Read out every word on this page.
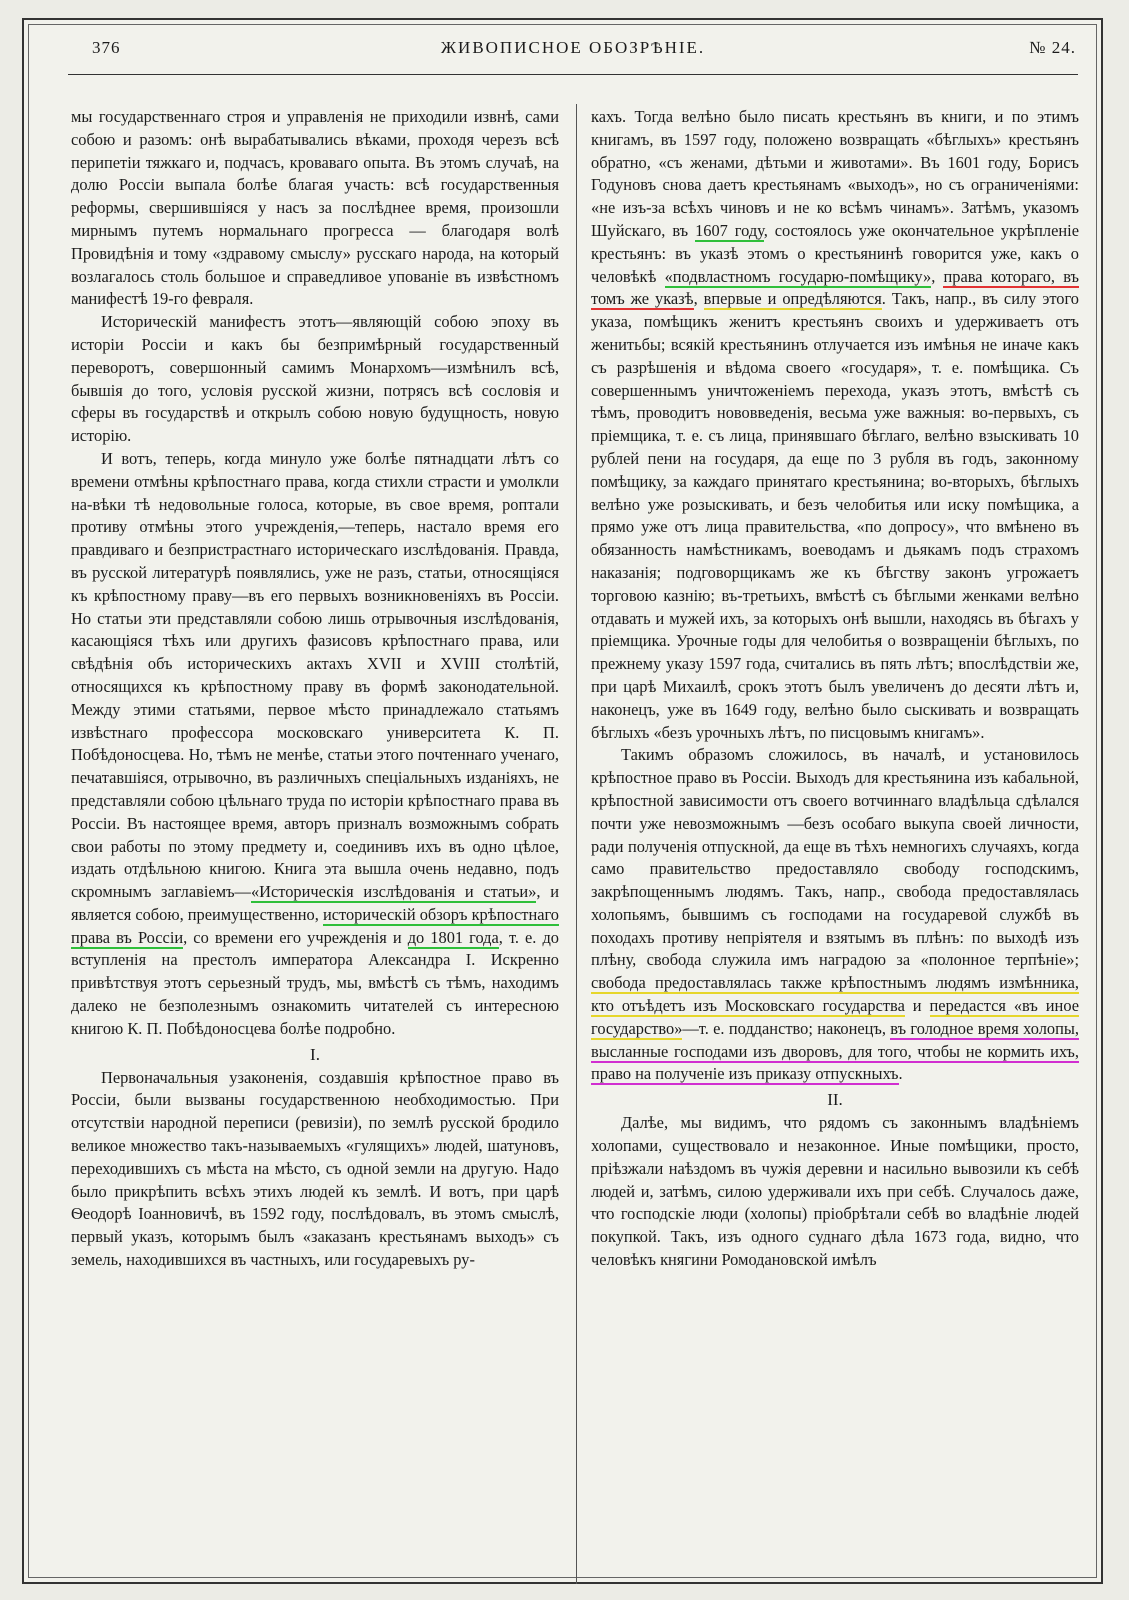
376	ЖИВОПИСНОЕ ОБОЗРѢНІЕ.	№ 24.

мы государственнаго строя и управленія не приходили извнѣ, сами собою и разомъ: онѣ вырабатывались вѣками, проходя черезъ всѣ перипетіи тяжкаго и, подчасъ, кроваваго опыта. Въ этомъ случаѣ, на долю Россіи выпала болѣе благая участь: всѣ государственныя реформы, свершившіяся у насъ за послѣднее время, произошли мирнымъ путемъ нормальнаго прогресса — благодаря волѣ Провидѣнія и тому «здравому смыслу» русскаго народа, на который возлагалось столь большое и справедливое упованіе въ извѣстномъ манифестѣ 19-го февраля.

Историческій манифестъ этотъ—являющій собою эпоху въ исторіи Россіи и какъ бы безпримѣрный государственный переворотъ, совершонный самимъ Монархомъ—измѣнилъ всѣ, бывшія до того, условія русской жизни, потрясъ всѣ сословія и сферы въ государствѣ и открылъ собою новую будущность, новую исторію.

И вотъ, теперь, когда минуло уже болѣе пятнадцати лѣтъ со времени отмѣны крѣпостнаго права, когда стихли страсти и умолкли на-вѣки тѣ недовольные голоса, которые, въ свое время, роптали противу отмѣны этого учрежденія,—теперь, настало время его правдиваго и безпристрастнаго историческаго изслѣдованія. Правда, въ русской литературѣ появлялись, уже не разъ, статьи, относящіяся къ крѣпостному праву—въ его первыхъ возникновеніяхъ въ Россіи. Но статьи эти представляли собою лишь отрывочныя изслѣдованія, касающіяся тѣхъ или другихъ фазисовъ крѣпостнаго права, или свѣдѣнія объ историческихъ актахъ XVII и XVIII столѣтій, относящихся къ крѣпостному праву въ формѣ законодательной. Между этими статьями, первое мѣсто принадлежало статьямъ извѣстнаго профессора московскаго университета К. П. Побѣдоносцева. Но, тѣмъ не менѣе, статьи этого почтеннаго ученаго, печатавшіяся, отрывочно, въ различныхъ спеціальныхъ изданіяхъ, не представляли собою цѣльнаго труда по исторіи крѣпостнаго права въ Россіи. Въ настоящее время, авторъ призналъ возможнымъ собрать свои работы по этому предмету и, соединивъ ихъ въ одно цѣлое, издать отдѣльною книгою. Книга эта вышла очень недавно, подъ скромнымъ заглавіемъ—«Историческія изслѣдованія и статьи», и является собою, преимущественно, историческій обзоръ крѣпостнаго права въ Россіи, со времени его учрежденія и до 1801 года, т. е. до вступленія на престолъ императора Александра I. Искренно привѣтствуя этотъ серьезный трудъ, мы, вмѣстѣ съ тѣмъ, находимъ далеко не безполезнымъ ознакомить читателей съ интересною книгою К. П. Побѣдоносцева болѣе подробно.

I.

Первоначальныя узаконенія, создавшія крѣпостное право въ Россіи, были вызваны государственною необходимостью. При отсутствіи народной переписи (ревизіи), по землѣ русской бродило великое множество такъ-называемыхъ «гулящихъ» людей, шатуновъ, переходившихъ съ мѣста на мѣсто, съ одной земли на другую. Надо было прикрѣпить всѣхъ этихъ людей къ землѣ. И вотъ, при царѣ Ѳеодорѣ Іоанновичѣ, въ 1592 году, послѣдовалъ, въ этомъ смыслѣ, первый указъ, которымъ былъ «заказанъ крестьянамъ выходъ» съ земель, находившихся въ частныхъ, или государевыхъ ру-

кахъ. Тогда велѣно было писать крестьянъ въ книги, и по этимъ книгамъ, въ 1597 году, положено возвращать «бѣглыхъ» крестьянъ обратно, «съ женами, дѣтьми и животами». Въ 1601 году, Борисъ Годуновъ снова даетъ крестьянамъ «выходъ», но съ ограниченіями: «не изъ-за всѣхъ чиновъ и не ко всѣмъ чинамъ». Затѣмъ, указомъ Шуйскаго, въ 1607 году, состоялось уже окончательное укрѣпленіе крестьянъ: въ указѣ этомъ о крестьянинѣ говорится уже, какъ о человѣкѣ «подвластномъ государю-помѣщику», права котораго, въ томъ же указѣ, впервые и опредѣляются. Такъ, напр., въ силу этого указа, помѣщикъ женитъ крестьянъ своихъ и удерживаетъ отъ женитьбы; всякій крестьянинъ отлучается изъ имѣнья не иначе какъ съ разрѣшенія и вѣдома своего «государя», т. е. помѣщика. Съ совершеннымъ уничтоженіемъ перехода, указъ этотъ, вмѣстѣ съ тѣмъ, проводитъ нововведенія, весьма уже важныя: во-первыхъ, съ пріемщика, т. е. съ лица, принявшаго бѣглаго, велѣно взыскивать 10 рублей пени на государя, да еще по 3 рубля въ годъ, законному помѣщику, за каждаго принятаго крестьянина; во-вторыхъ, бѣглыхъ велѣно уже розыскивать, и безъ челобитья или иску помѣщика, а прямо уже отъ лица правительства, «по допросу», что вмѣнено въ обязанность намѣстникамъ, воеводамъ и дьякамъ подъ страхомъ наказанія; подговорщикамъ же къ бѣгству законъ угрожаетъ торговою казнію; въ-третьихъ, вмѣстѣ съ бѣглыми женками велѣно отдавать и мужей ихъ, за которыхъ онѣ вышли, находясь въ бѣгахъ у пріемщика. Урочные годы для челобитья о возвращеніи бѣглыхъ, по прежнему указу 1597 года, считались въ пять лѣтъ; впослѣдствіи же, при царѣ Михаилѣ, срокъ этотъ былъ увеличенъ до десяти лѣтъ и, наконецъ, уже въ 1649 году, велѣно было сыскивать и возвращать бѣглыхъ «безъ урочныхъ лѣтъ, по писцовымъ книгамъ».

Такимъ образомъ сложилось, въ началѣ, и установилось крѣпостное право въ Россіи. Выходъ для крестьянина изъ кабальной, крѣпостной зависимости отъ своего вотчиннаго владѣльца сдѣлался почти уже невозможнымъ —безъ особаго выкупа своей личности, ради полученія отпускной, да еще въ тѣхъ немногихъ случаяхъ, когда само правительство предоставляло свободу господскимъ, закрѣпощеннымъ людямъ. Такъ, напр., свобода предоставлялась холопьямъ, бывшимъ съ господами на государевой службѣ въ походахъ противу непріятеля и взятымъ въ плѣнъ: по выходѣ изъ плѣну, свобода служила имъ наградою за «полонное терпѣніе»; свобода предоставлялась также крѣпостнымъ людямъ измѣнника, кто отъѣдетъ изъ Московскаго государства и передастся «въ иное государство»—т. е. подданство; наконецъ, въ голодное время холопы, высланные господами изъ дворовъ, для того, чтобы не кормить ихъ, право на полученіе изъ приказу отпускныхъ.

II.

Далѣе, мы видимъ, что рядомъ съ законнымъ владѣніемъ холопами, существовало и незаконное. Иные помѣщики, просто, пріѣзжали наѣздомъ въ чужія деревни и насильно вывозили къ себѣ людей и, затѣмъ, силою удерживали ихъ при себѣ. Случалось даже, что господскіе люди (холопы) пріобрѣтали себѣ во владѣніе людей покупкой. Такъ, изъ одного суднаго дѣла 1673 года, видно, что человѣкъ княгини Ромодановской имѣлъ
